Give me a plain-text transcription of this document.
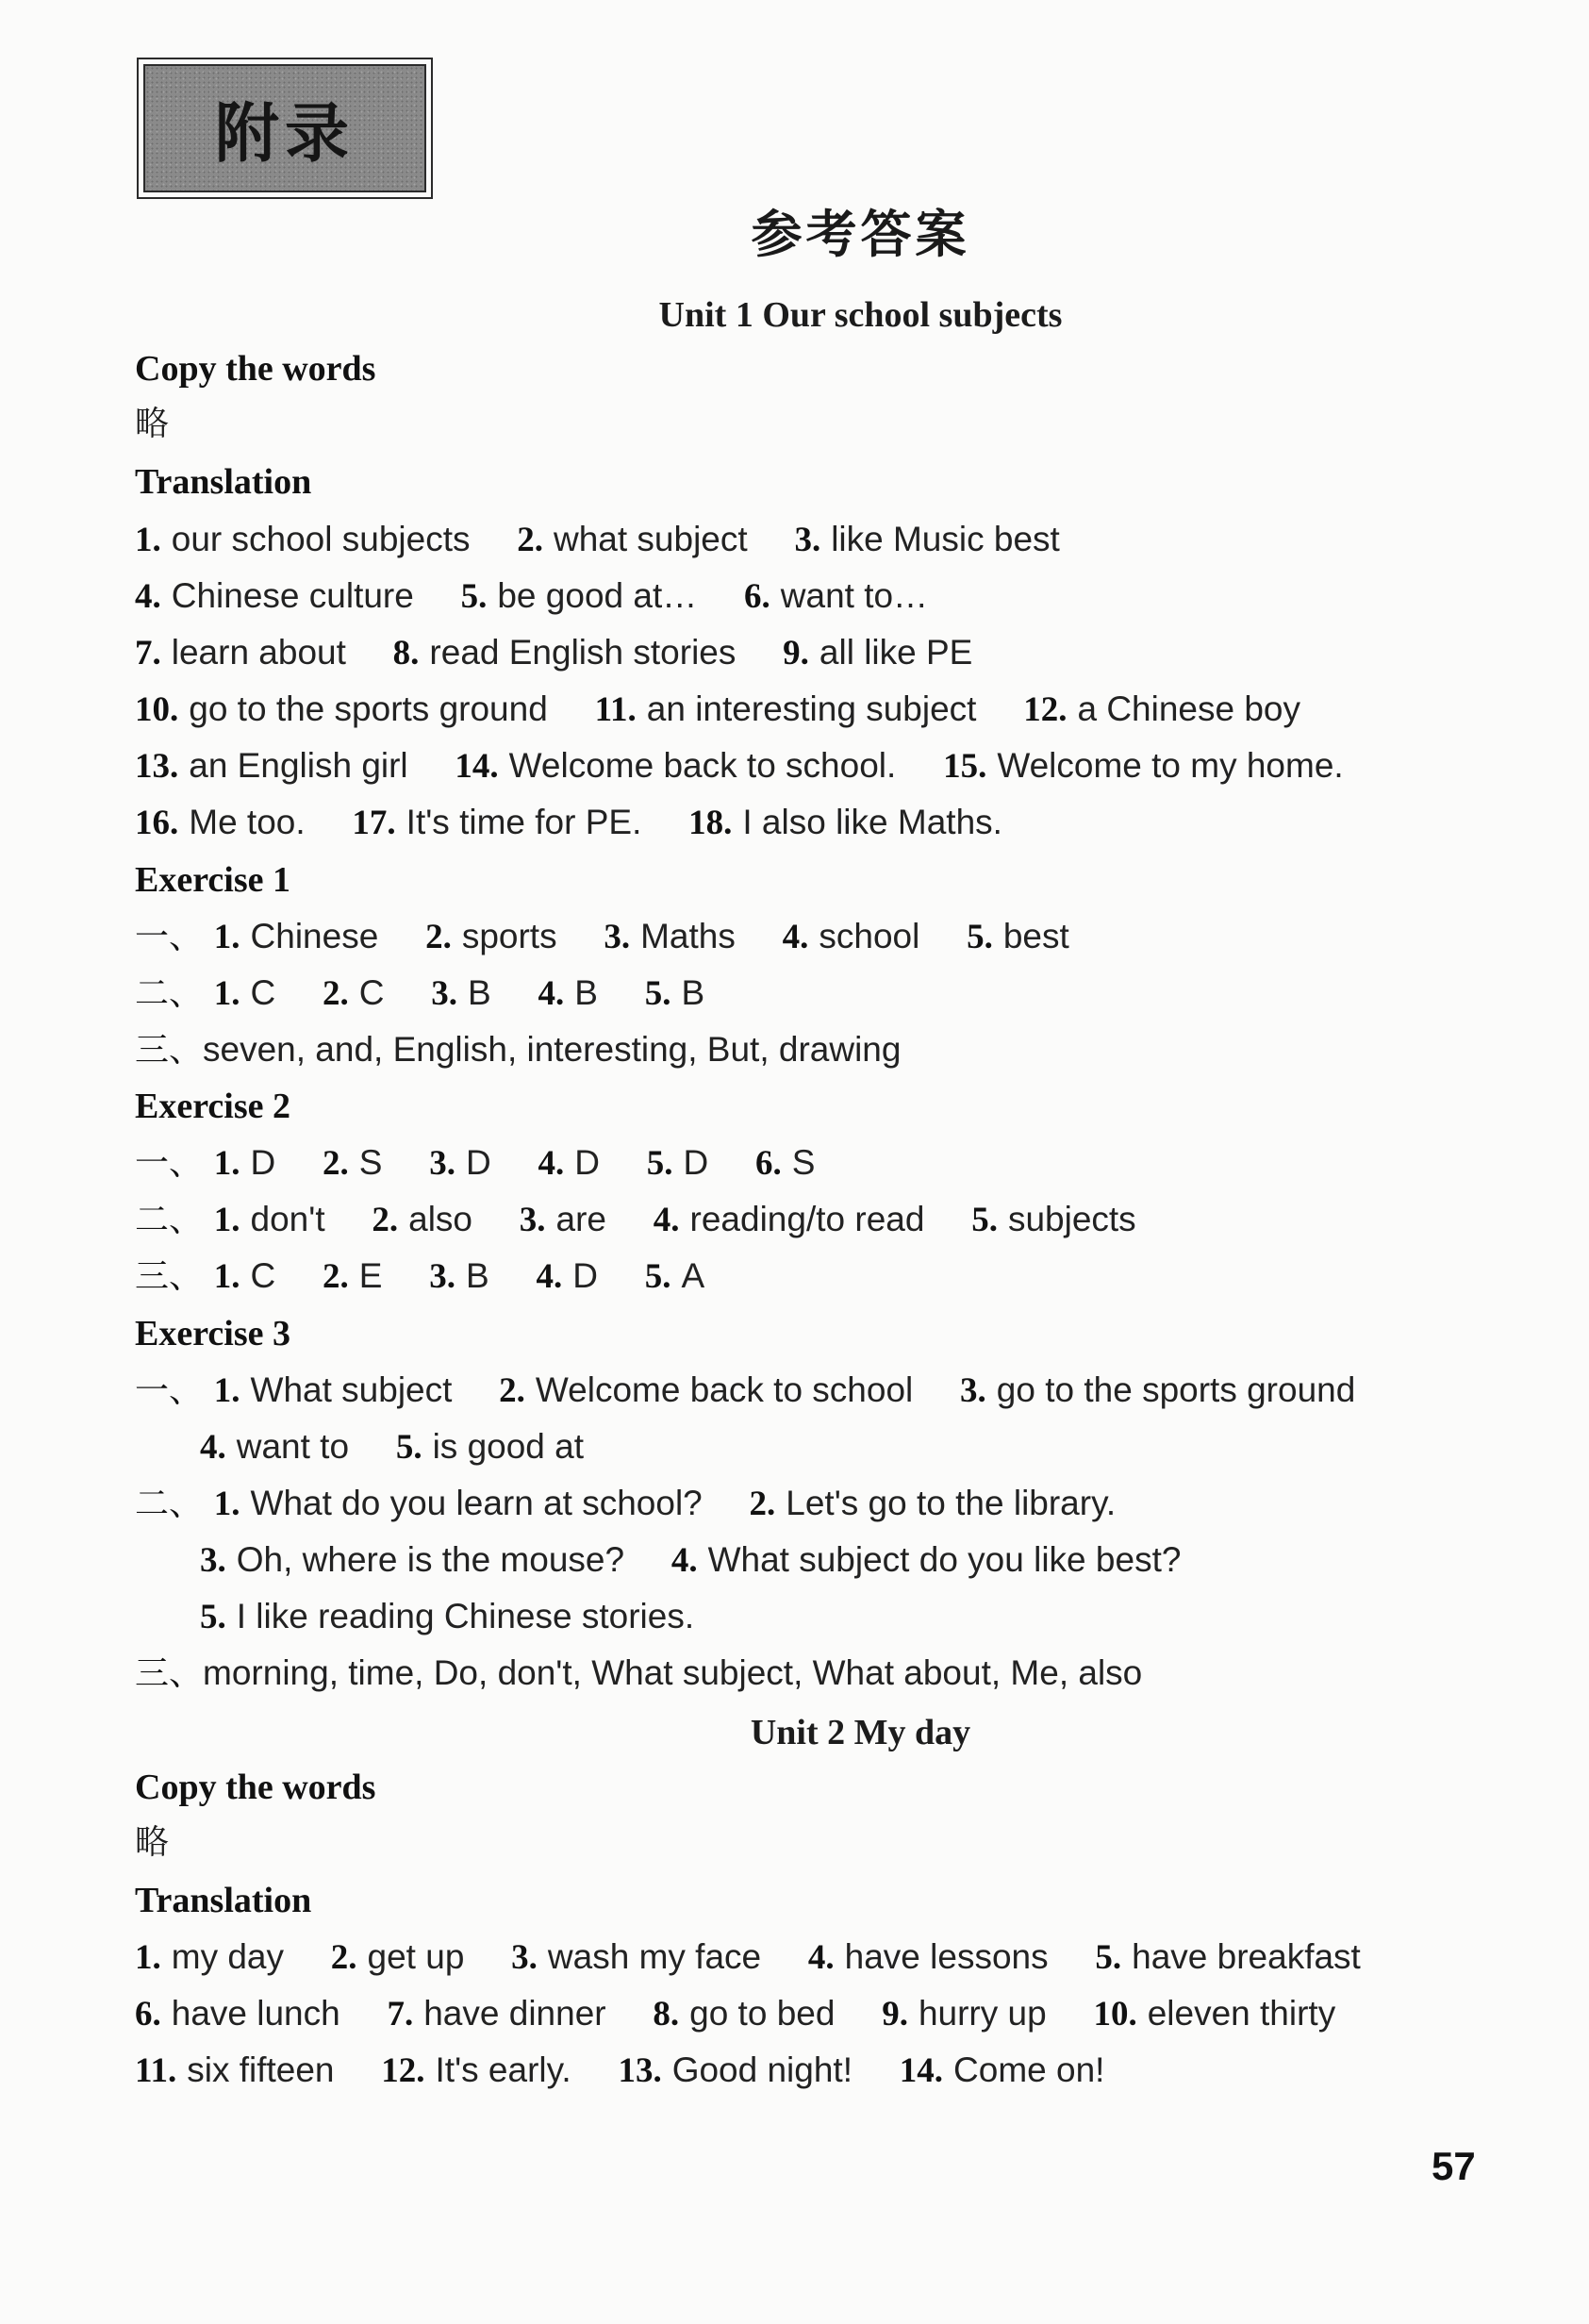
附录
参考答案
Unit 1 Our school subjects
Copy the words
略
Translation
1. our school subjects 2. what subject 3. like Music best
4. Chinese culture 5. be good at… 6. want to…
7. learn about 8. read English stories 9. all like PE
10. go to the sports ground 11. an interesting subject 12. a Chinese boy
13. an English girl 14. Welcome back to school. 15. Welcome to my home.
16. Me too. 17. It's time for PE. 18. I also like Maths.
Exercise 1
一、 1. Chinese 2. sports 3. Maths 4. school 5. best
二、 1. C 2. C 3. B 4. B 5. B
三、seven, and, English, interesting, But, drawing
Exercise 2
一、 1. D 2. S 3. D 4. D 5. D 6. S
二、 1. don't 2. also 3. are 4. reading/to read 5. subjects
三、 1. C 2. E 3. B 4. D 5. A
Exercise 3
一、 1. What subject 2. Welcome back to school 3. go to the sports ground
4. want to 5. is good at
二、 1. What do you learn at school? 2. Let's go to the library.
3. Oh, where is the mouse? 4. What subject do you like best?
5. I like reading Chinese stories.
三、morning, time, Do, don't, What subject, What about, Me, also
Unit 2 My day
Copy the words
略
Translation
1. my day 2. get up 3. wash my face 4. have lessons 5. have breakfast
6. have lunch 7. have dinner 8. go to bed 9. hurry up 10. eleven thirty
11. six fifteen 12. It's early. 13. Good night! 14. Come on!
57
